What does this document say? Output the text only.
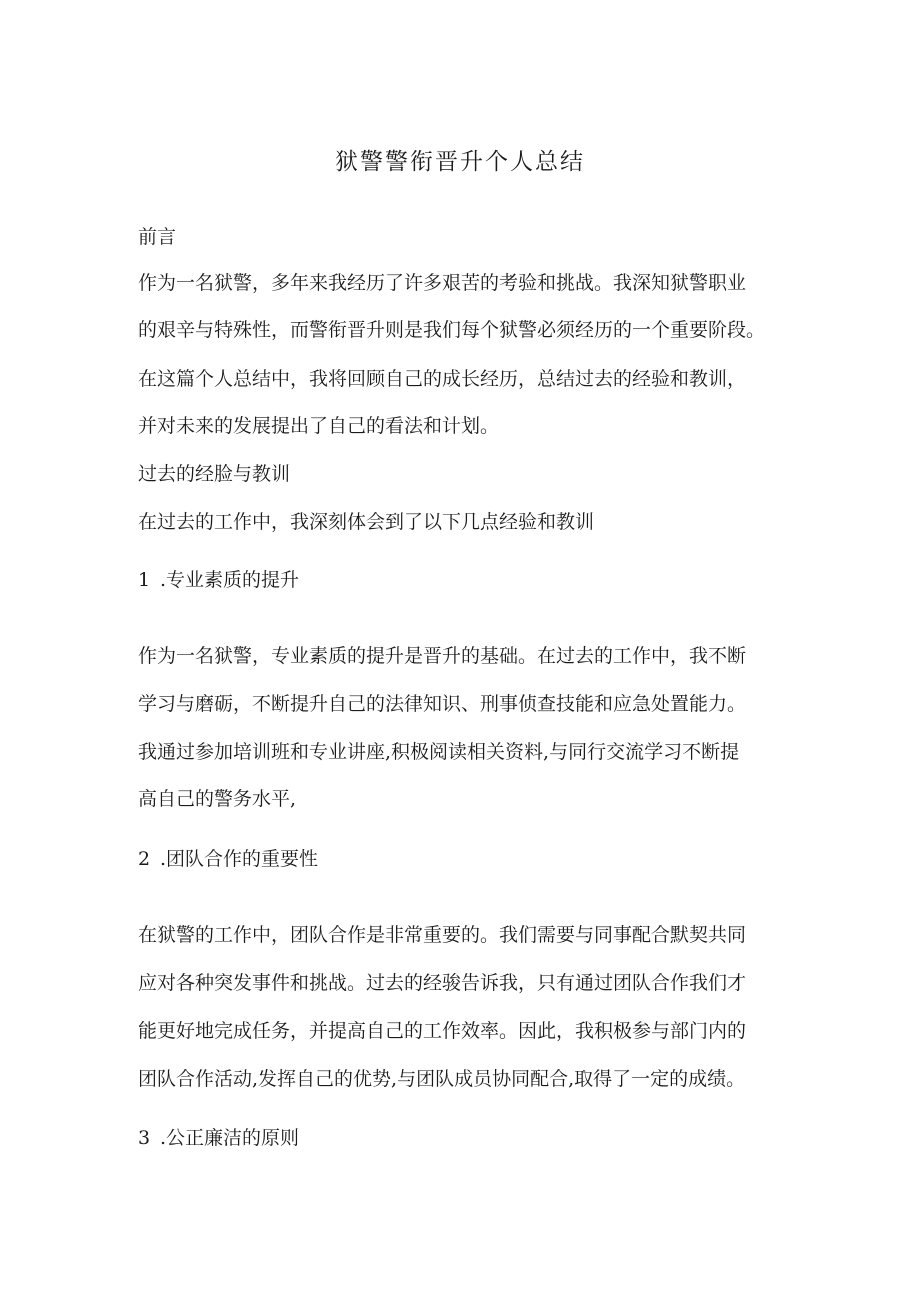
狱警警衔晋升个人总结

前言

作为一名狱警，多年来我经历了许多艰苦的考验和挑战。我深知狱警职业

的艰辛与特殊性，而警衔晋升则是我们每个狱警必须经历的一个重要阶段。

在这篇个人总结中，我将回顾自己的成长经历，总结过去的经验和教训，

并对未来的发展提出了自己的看法和计划。

过去的经脸与教训

在过去的工作中，我深刻体会到了以下几点经验和教训

1 .专业素质的提升

作为一名狱警，专业素质的提升是晋升的基础。在过去的工作中，我不断

学习与磨砺，不断提升自己的法律知识、刑事侦查技能和应急处置能力。

我通过参加培训班和专业讲座,积极阅读相关资料,与同行交流学习不断提

高自己的警务水平,

2 .团队合作的重要性

在狱警的工作中，团队合作是非常重要的。我们需要与同事配合默契共同

应对各种突发事件和挑战。过去的经骏告诉我，只有通过团队合作我们才

能更好地完成任务，并提高自己的工作效率。因此，我积极参与部门内的

团队合作活动,发挥自己的优势,与团队成员协同配合,取得了一定的成绩。

3 .公正廉洁的原则
